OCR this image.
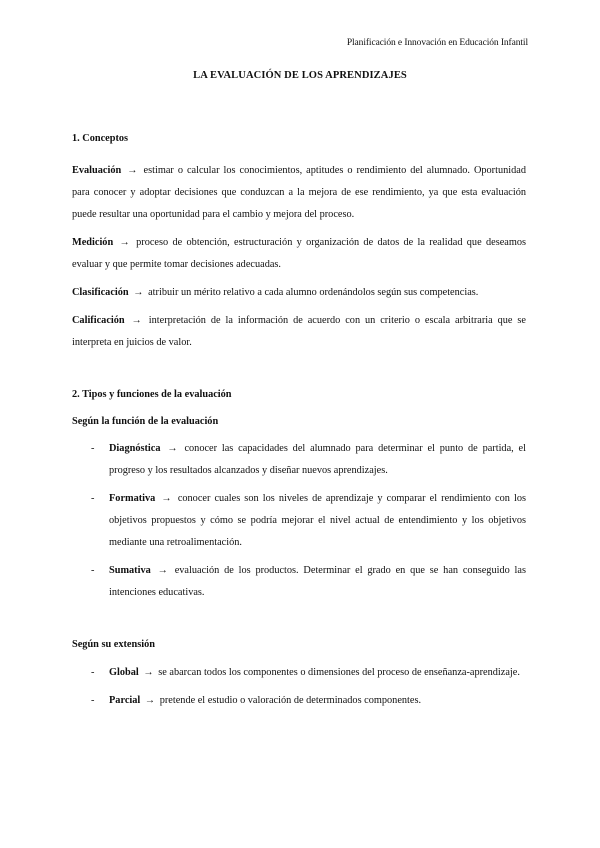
Planificación e Innovación en Educación Infantil
LA EVALUACIÓN DE LOS APRENDIZAJES

1. Conceptos

Evaluación → estimar o calcular los conocimientos, aptitudes o rendimiento del alumnado. Oportunidad para conocer y adoptar decisiones que conduzcan a la mejora de ese rendimiento, ya que esta evaluación puede resultar una oportunidad para el cambio y mejora del proceso.

Medición → proceso de obtención, estructuración y organización de datos de la realidad que deseamos evaluar y que permite tomar decisiones adecuadas.

Clasificación → atribuir un mérito relativo a cada alumno ordenándolos según sus competencias.

Calificación → interpretación de la información de acuerdo con un criterio o escala arbitraria que se interpreta en juicios de valor.

2. Tipos y funciones de la evaluación

Según la función de la evaluación

- Diagnóstica → conocer las capacidades del alumnado para determinar el punto de partida, el progreso y los resultados alcanzados y diseñar nuevos aprendizajes.
- Formativa → conocer cuales son los niveles de aprendizaje y comparar el rendimiento con los objetivos propuestos y cómo se podría mejorar el nivel actual de entendimiento y los objetivos mediante una retroalimentación.
- Sumativa → evaluación de los productos. Determinar el grado en que se han conseguido las intenciones educativas.

Según su extensión

- Global → se abarcan todos los componentes o dimensiones del proceso de enseñanza-aprendizaje.
- Parcial → pretende el estudio o valoración de determinados componentes.
